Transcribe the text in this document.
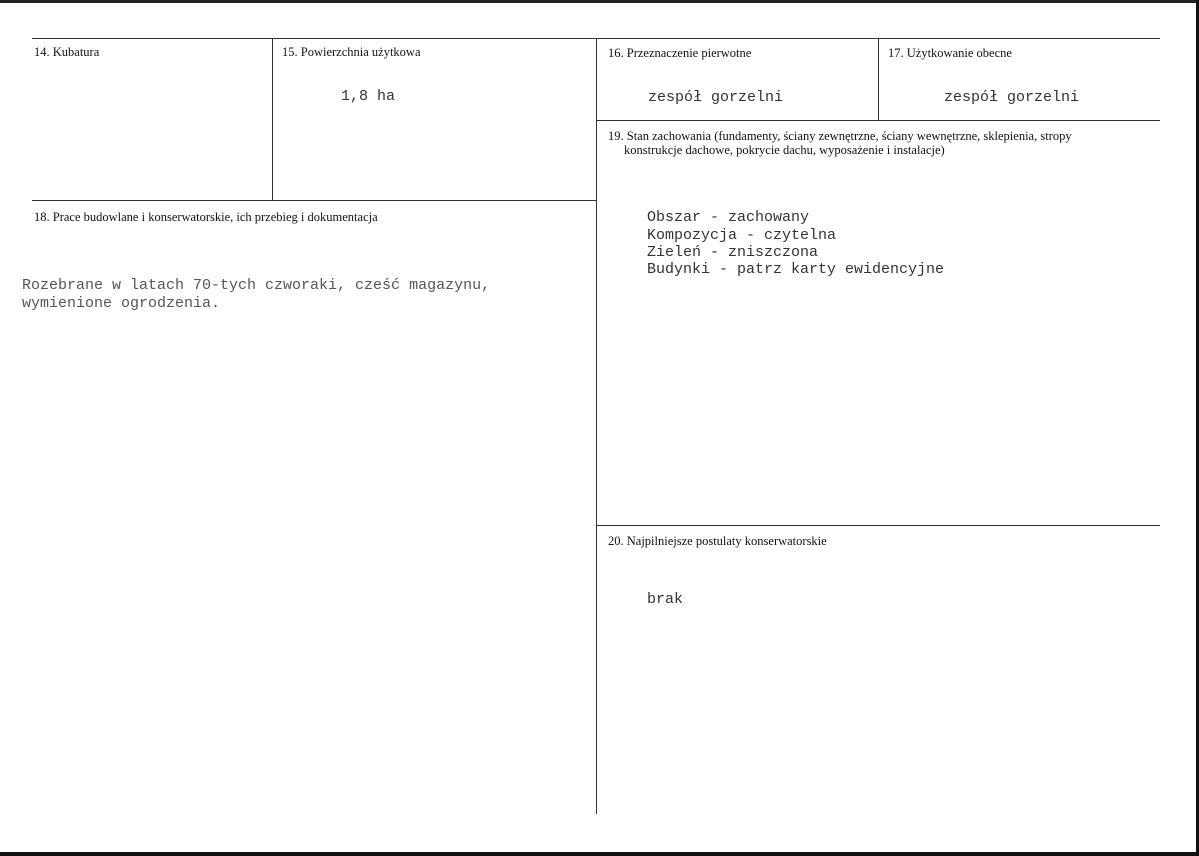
14. Kubatura	15. Powierzchnia użytkowa
1,8 ha
16. Przeznaczenie pierwotne
zespół gorzelni
17. Użytkowanie obecne
zespół gorzelni
19. Stan zachowania (fundamenty, ściany zewnętrzne, ściany wewnętrzne, sklepienia, stropy
konstrukcje dachowe, pokrycie dachu, wyposażenie i instalacje)
Obszar - zachowany
Kompozycja - czytelna
Zieleń - zniszczona
Budynki - patrz karty ewidencyjne
18. Prace budowlane i konserwatorskie, ich przebieg i dokumentacja
Rozebrane w latach 70-tych czworaki, cześć magazynu,
wymienione ogrodzenia.
20. Najpilniejsze postulaty konserwatorskie
brak
